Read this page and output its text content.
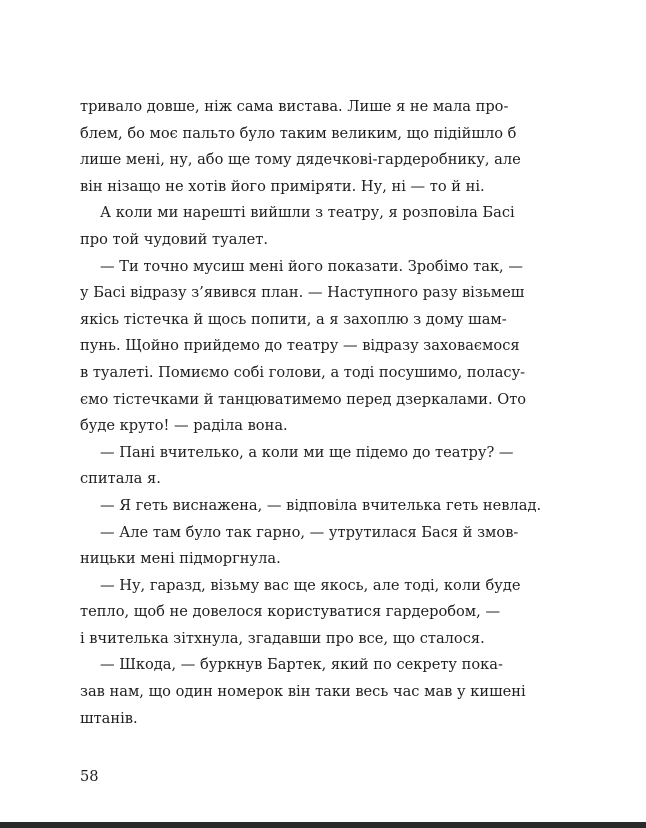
тривало довше, ніж сама вистава. Лише я не мала про-
блем, бо моє пальто було таким великим, що підійшло б
лише мені, ну, або ще тому дядечкові-гардеробнику, але
він нізащо не хотів його приміряти. Ну, ні — то й ні.
А коли ми нарешті вийшли з театру, я розповіла Басі
про той чудовий туалет.
— Ти точно мусиш мені його показати. Зробімо так, —
у Басі відразу з’явився план. — Наступного разу візьмеш
якісь тістечка й щось попити, а я захоплю з дому шам-
пунь. Щойно прийдемо до театру — відразу заховаємося
в туалеті. Помиємо собі голови, а тоді посушимо, поласу-
ємо тістечками й танцюватимемо перед дзеркалами. Ото
буде круто! — раділа вона.
— Пані вчителько, а коли ми ще підемо до театру? —
спитала я.
— Я геть виснажена, — відповіла вчителька геть невлад.
— Але там було так гарно, — утрутилася Бася й змов-
ницьки мені підморгнула.
— Ну, гаразд, візьму вас ще якось, але тоді, коли буде
тепло, щоб не довелося користуватися гардеробом, —
і вчителька зітхнула, згадавши про все, що сталося.
— Шкода, — буркнув Бартек, який по секрету пока-
зав нам, що один номерок він таки весь час мав у кишені
штанів.
58
